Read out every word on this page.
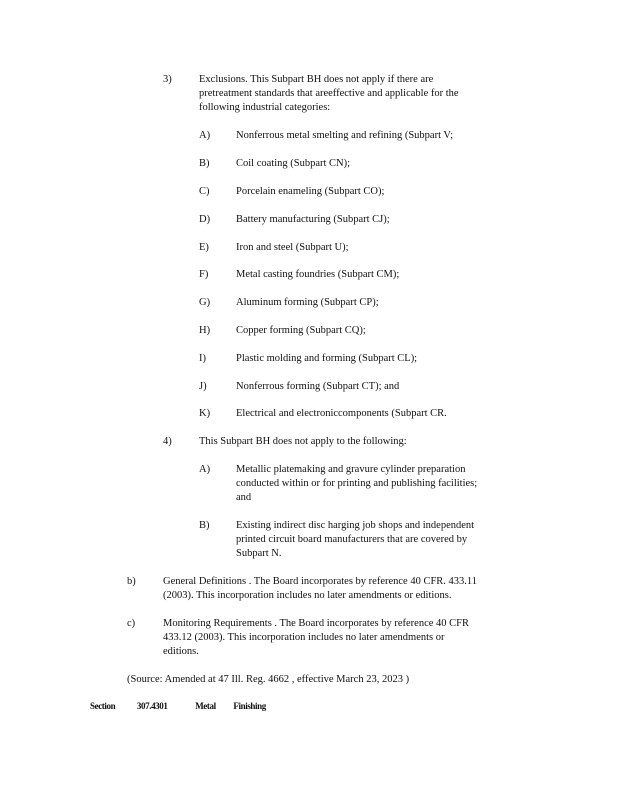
3)	Exclusions. This Subpart BH does not apply if there are
pretreatment standards that areeffective and applicable for the
following industrial categories:
A) Nonferrous metal smelting and refining (Subpart V;
B)	Coil coating (Subpart CN);
C)	Porcelain enameling (Subpart CO);
D) Battery manufacturing (Subpart CJ);
E)	Iron and steel (Subpart U);
F)	Metal casting foundries (Subpart CM);
G) Aluminum forming (Subpart CP);
H) Copper forming (Subpart CQ);
I)	Plastic molding and forming (Subpart CL);
J)	Nonferrous forming (Subpart CT); and
K) Electrical and electroniccomponents (Subpart CR.
4)	This Subpart BH does not apply to the following:
A) Metallic platemaking and gravure cylinder preparation
conducted within or for printing and publishing facilities;
and
B)	Existing indirect disc harging job shops and independent
printed circuit board manufacturers that are covered by
Subpart N.
b)	General Definitions . The Board incorporates by reference 40 CFR. 433.11
(2003). This incorporation includes no later amendments or editions.
c)	Monitoring Requirements . The Board incorporates by reference 40 CFR
433.12 (2003). This incorporation includes no later amendments or
editions.
(Source: Amended at 47 Ill. Reg. 4662 , effective March 23, 2023 )
Section 307.4301	Metal Finishing
